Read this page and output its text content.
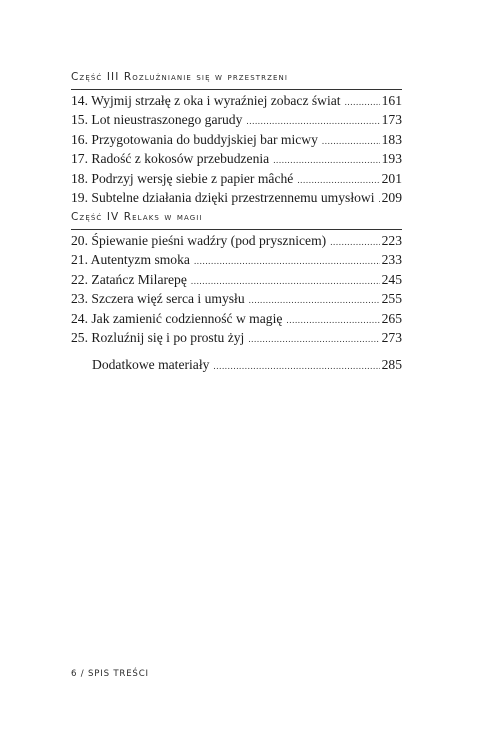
Część III Rozluźnianie się w przestrzeni
14. Wyjmij strzałę z oka i wyraźniej zobacz świat .....	161
15. Lot nieustraszonego garudy .....	173
16. Przygotowania do buddyjskiej bar micwy .....	183
17. Radość z kokosów przebudzenia .....	193
18. Podrzyj wersję siebie z papier mâché .....	201
19. Subtelne działania dzięki przestrzennemu umysłowi ..... 209
Część IV Relaks w magii
20. Śpiewanie pieśni wadźry (pod prysznicem) .....	223
21. Autentyzm smoka .....	233
22. Zatańcz Milarepę .....	245
23. Szczera więź serca i umysłu .....	255
24. Jak zamienić codzienność w magię .....	265
25. Rozluźnij się i po prostu żyj .....	273
Dodatkowe materiały .....	285
6 / SPIS TREŚCI
